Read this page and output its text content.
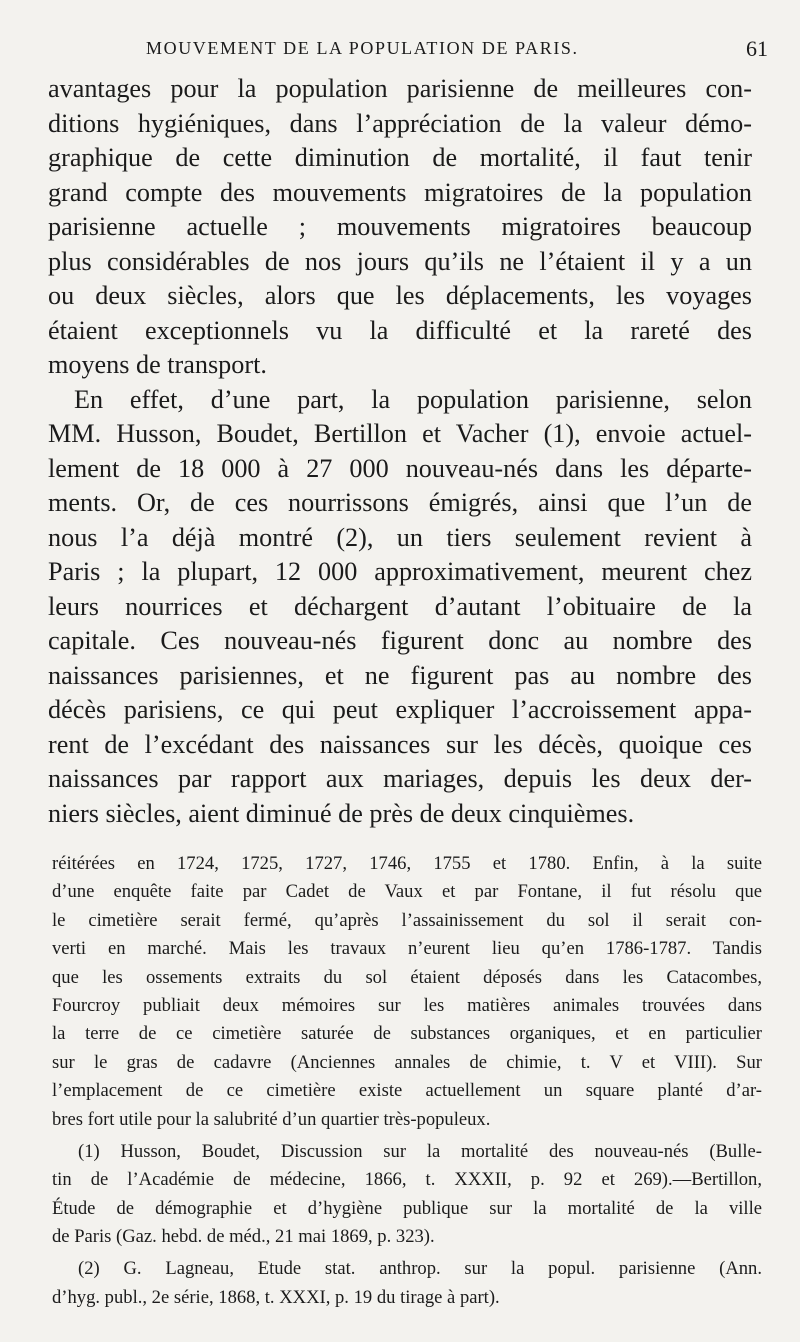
MOUVEMENT DE LA POPULATION DE PARIS.	61
avantages pour la population parisienne de meilleures con-
ditions hygiéniques, dans l’appréciation de la valeur démo-
graphique de cette diminution de mortalité, il faut tenir
grand compte des mouvements migratoires de la population
parisienne actuelle ; mouvements migratoires beaucoup
plus considérables de nos jours qu’ils ne l’étaient il y a un
ou deux siècles, alors que les déplacements, les voyages
étaient exceptionnels vu la difficulté et la rareté des
moyens de transport.
En effet, d’une part, la population parisienne, selon
MM. Husson, Boudet, Bertillon et Vacher (1), envoie actuel-
lement de 18 000 à 27 000 nouveau-nés dans les départe-
ments. Or, de ces nourrissons émigrés, ainsi que l’un de
nous l’a déjà montré (2), un tiers seulement revient à
Paris ; la plupart, 12 000 approximativement, meurent chez
leurs nourrices et déchargent d’autant l’obituaire de la
capitale. Ces nouveau-nés figurent donc au nombre des
naissances parisiennes, et ne figurent pas au nombre des
décès parisiens, ce qui peut expliquer l’accroissement appa-
rent de l’excédant des naissances sur les décès, quoique ces
naissances par rapport aux mariages, depuis les deux der-
niers siècles, aient diminué de près de deux cinquièmes.
réitérées en 1724, 1725, 1727, 1746, 1755 et 1780. Enfin, à la suite
d’une enquête faite par Cadet de Vaux et par Fontane, il fut résolu que
le cimetière serait fermé, qu’après l’assainissement du sol il serait con-
verti en marché. Mais les travaux n’eurent lieu qu’en 1786-1787. Tandis
que les ossements extraits du sol étaient déposés dans les Catacombes,
Fourcroy publiait deux mémoires sur les matières animales trouvées dans
la terre de ce cimetière saturée de substances organiques, et en particulier
sur le gras de cadavre (Anciennes annales de chimie, t. V et VIII). Sur
l’emplacement de ce cimetière existe actuellement un square planté d’ar-
bres fort utile pour la salubrité d’un quartier très-populeux.
(1) Husson, Boudet, Discussion sur la mortalité des nouveau-nés (Bulle-
tin de l’Académie de médecine, 1866, t. XXXII, p. 92 et 269).—Bertillon,
Étude de démographie et d’hygiène publique sur la mortalité de la ville
de Paris (Gaz. hebd. de méd., 21 mai 1869, p. 323).
(2) G. Lagneau, Etude stat. anthrop. sur la popul. parisienne (Ann.
d’hyg. publ., 2e série, 1868, t. XXXI, p. 19 du tirage à part).
